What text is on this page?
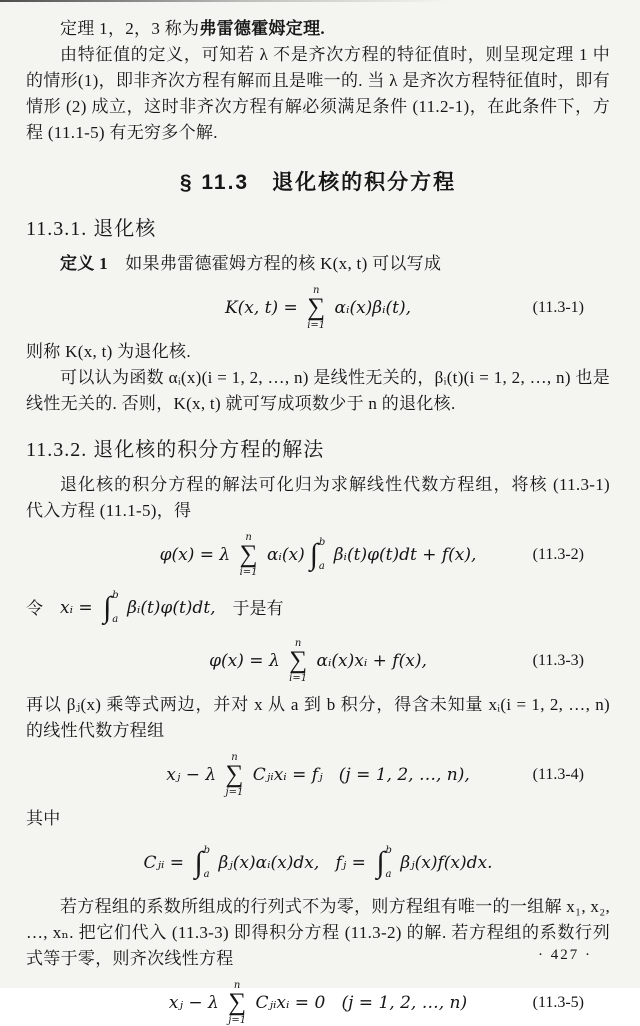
定理 1，2，3 称为弗雷德霍姆定理.

由特征值的定义，可知若 λ 不是齐次方程的特征值时，则呈现定理 1 中的情形(1)，即非齐次方程有解而且是唯一的. 当 λ 是齐次方程特征值时，即有情形 (2) 成立，这时非齐次方程有解必须满足条件 (11.2-1)，在此条件下，方程 (11.1-5) 有无穷多个解.

§ 11.3　退化核的积分方程
11.3.1. 退化核

定义 1　如果弗雷德霍姆方程的核 K(x, t) 可以写成

K(x, t) =
n
∑
i=1
αᵢ(x)βᵢ(t),	(11.3-1)

则称 K(x, t) 为退化核.

可以认为函数 αᵢ(x)(i = 1, 2, …, n) 是线性无关的，βᵢ(t)(i = 1, 2, …, n) 也是线性无关的. 否则，K(x, t) 就可写成项数少于 n 的退化核.

11.3.2. 退化核的积分方程的解法

退化核的积分方程的解法可化归为求解线性代数方程组，将核 (11.3-1) 代入方程 (11.1-5)，得

φ(x) = λ
n
∑
i=1
αᵢ(x) ∫ b
a
βᵢ(t)φ(t)dt + f(x),	(11.3-2)
令　 xᵢ = ∫ b
a
βᵢ(t)φ(t)dt, 　于是有
φ(x) = λ
n
∑
i=1
αᵢ(x)xᵢ + f(x),	(11.3-3)

再以 βⱼ(x) 乘等式两边，并对 x 从 a 到 b 积分，得含未知量 xᵢ(i = 1, 2, …, n) 的线性代数方程组

xⱼ − λ
n
∑
j=1
Cⱼᵢxᵢ = fⱼ   (j = 1, 2, …, n),	(11.3-4)

其中

Cⱼᵢ = ∫ b
a
βⱼ(x)αᵢ(x)dx,   fⱼ = ∫ b
a
βⱼ(x)f(x)dx.

若方程组的系数所组成的行列式不为零，则方程组有唯一的一组解 x₁, x₂, …, xₙ. 把它们代入 (11.3-3) 即得积分方程 (11.3-2) 的解. 若方程组的系数行列式等于零，则齐次线性方程

xⱼ − λ
n
∑
j=1
Cⱼᵢxᵢ = 0   (j = 1, 2, …, n)	(11.3-5)
· 427 ·
